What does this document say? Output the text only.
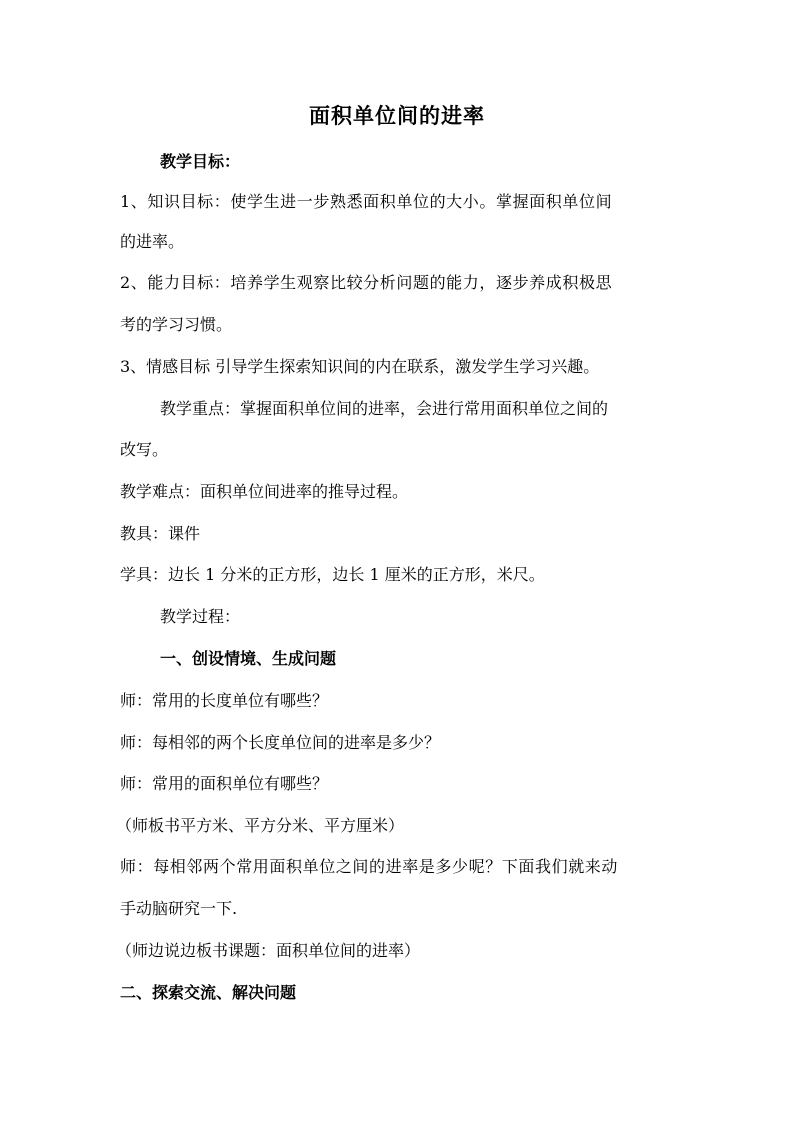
面积单位间的进率
教学目标：
1、知识目标：使学生进一步熟悉面积单位的大小。掌握面积单位间
的进率。
2、能力目标：培养学生观察比较分析问题的能力，逐步养成积极思
考的学习习惯。
3、情感目标 引导学生探索知识间的内在联系，激发学生学习兴趣。
教学重点：掌握面积单位间的进率，会进行常用面积单位之间的
改写。
教学难点：面积单位间进率的推导过程。
教具：课件
学具：边长 1 分米的正方形，边长 1 厘米的正方形，米尺。
教学过程：
一、创设情境、生成问题
师：常用的长度单位有哪些？
师：每相邻的两个长度单位间的进率是多少？
师：常用的面积单位有哪些？
（师板书平方米、平方分米、平方厘米）
师：每相邻两个常用面积单位之间的进率是多少呢？下面我们就来动
手动脑研究一下.
（师边说边板书课题：面积单位间的进率）
二、探索交流、解决问题
